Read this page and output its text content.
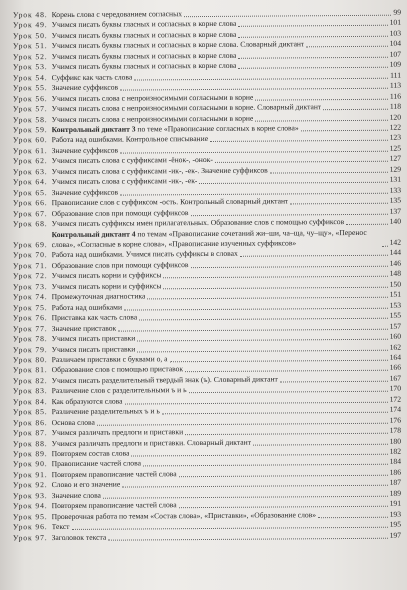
Урок 48. Корень слова с чередованием согласных	99
Урок 49. Учимся писать буквы гласных и согласных в корне слова	101
Урок 50. Учимся писать буквы гласных и согласных в корне слова	103
Урок 51. Учимся писать буквы гласных и согласных в корне слова. Словарный диктант	104
Урок 52. Учимся писать буквы гласных и согласных в корне слова	107
Урок 53. Учимся писать буквы гласных и согласных в корне слова	109
Урок 54. Суффикс как часть слова	111
Урок 55. Значение суффиксов	113
Урок 56. Учимся писать слова с непроизносимыми согласными в корне	116
Урок 57. Учимся писать слова с непроизносимыми согласными в корне. Словарный диктант	118
Урок 58. Учимся писать слова с непроизносимыми согласными в корне	120
Урок 59. Контрольный диктант 3 по теме «Правописание согласных в корне слова»	122
Урок 60. Работа над ошибками. Контрольное списывание	123
Урок 61. Значение суффиксов	125
Урок 62. Учимся писать слова с суффиксами -ёнок-, -онок-	127
Урок 63. Учимся писать слова с суффиксами -ик-, -ек-. Значение суффиксов	129
Урок 64. Учимся писать слова с суффиксами -ик-, -ек-	131
Урок 65. Значение суффиксов	133
Урок 66. Правописание слов с суффиксом -ость. Контрольный словарный диктант	135
Урок 67. Образование слов при помощи суффиксов	137
Урок 68. Учимся писать суффиксы имен прилагательных. Образование слов с помощью суффиксов	140
Урок 69.
Контрольный диктант 4 по темам «Правописание сочетаний жи–ши, ча–ща, чу–щу», «Перенос слова», «Согласные в корне слова», «Правописание изученных суффиксов»	142
Урок 70. Работа над ошибками. Учимся писать суффиксы в словах	144
Урок 71. Образование слов при помощи суффиксов	146
Урок 72. Учимся писать корни и суффиксы	148
Урок 73. Учимся писать корни и суффиксы	150
Урок 74. Промежуточная диагностика	151
Урок 75. Работа над ошибками	153
Урок 76. Приставка как часть слова	155
Урок 77. Значение приставок	157
Урок 78. Учимся писать приставки	160
Урок 79. Учимся писать приставки	162
Урок 80. Различаем приставки с буквами о, а	164
Урок 81. Образование слов с помощью приставок	166
Урок 82. Учимся писать разделительный твердый знак (ъ). Словарный диктант	167
Урок 83. Различение слов с разделительными ъ и ь	170
Урок 84. Как образуются слова	172
Урок 85. Различение разделительных ъ и ь	174
Урок 86. Основа слова	176
Урок 87. Учимся различать предлоги и приставки	178
Урок 88. Учимся различать предлоги и приставки. Словарный диктант	180
Урок 89. Повторяем состав слова	182
Урок 90. Правописание частей слова	184
Урок 91. Повторяем правописание частей слова	186
Урок 92. Слово и его значение	187
Урок 93. Значение слова	189
Урок 94. Повторяем правописание частей слова	191
Урок 95. Проверочная работа по темам «Состав слова», «Приставки», «Образование слов»	193
Урок 96. Текст	195
Урок 97. Заголовок текста	197
